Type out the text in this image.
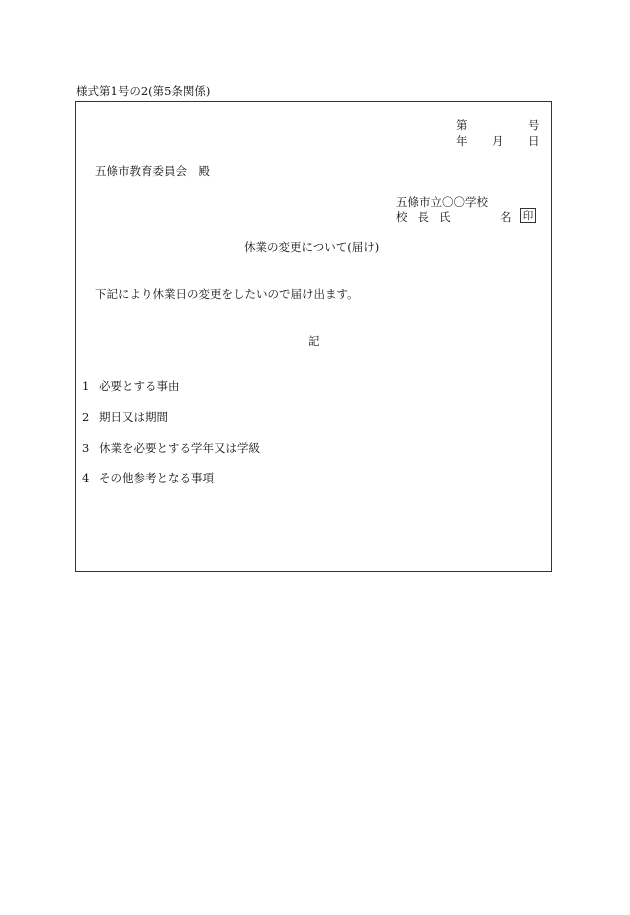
様式第1号の2(第5条関係)
第	号
年 月 日
五條市教育委員会　殿
五條市立〇〇学校
校 長 氏	名 印
休業の変更について(届け)
下記により休業日の変更をしたいので届け出ます。
記
1 必要とする事由
2 期日又は期間
3 休業を必要とする学年又は学級
4 その他参考となる事項
